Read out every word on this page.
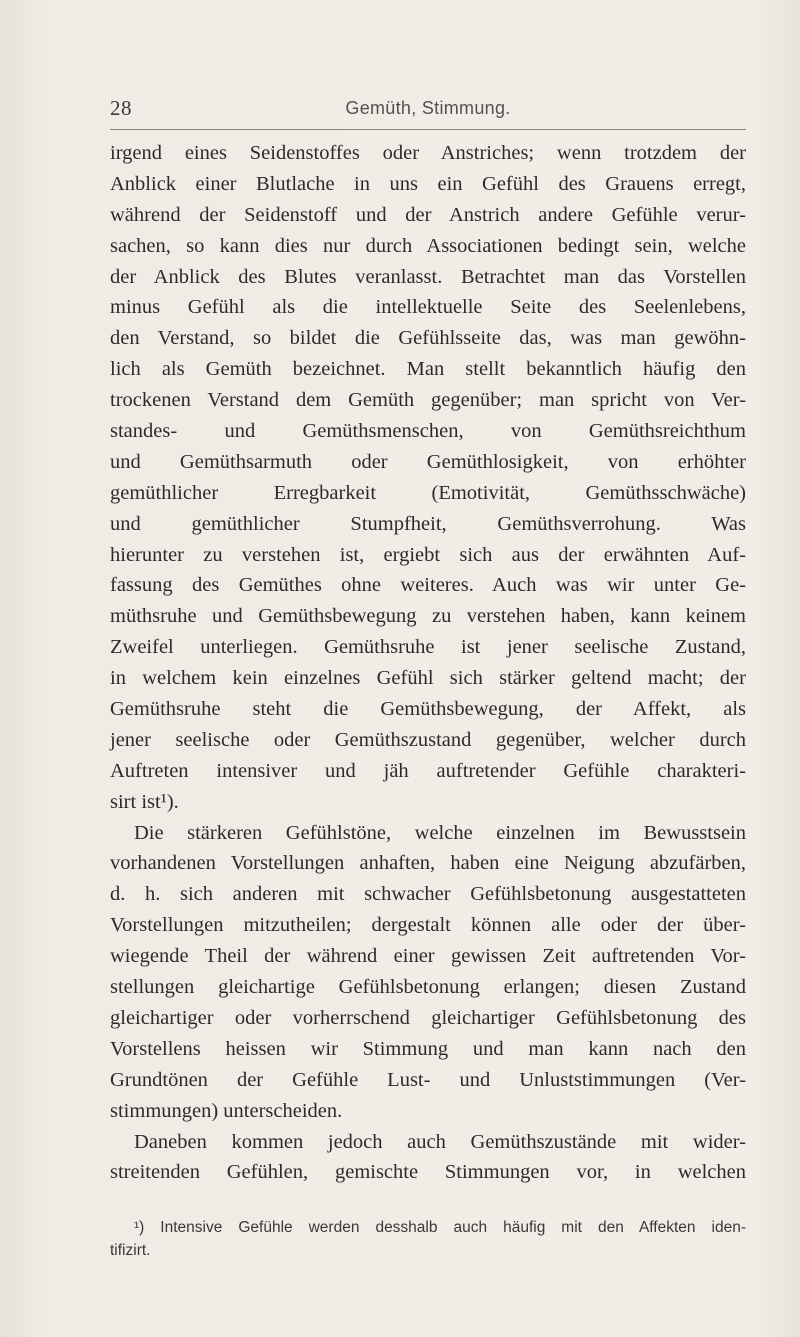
28	Gemüth, Stimmung.
irgend eines Seidenstoffes oder Anstriches; wenn trotzdem der
Anblick einer Blutlache in uns ein Gefühl des Grauens erregt,
während der Seidenstoff und der Anstrich andere Gefühle verur-
sachen, so kann dies nur durch Associationen bedingt sein, welche
der Anblick des Blutes veranlasst. Betrachtet man das Vorstellen
minus Gefühl als die intellektuelle Seite des Seelenlebens,
den Verstand, so bildet die Gefühlsseite das, was man gewöhn-
lich als Gemüth bezeichnet. Man stellt bekanntlich häufig den
trockenen Verstand dem Gemüth gegenüber; man spricht von Ver-
standes- und Gemüthsmenschen, von Gemüthsreichthum
und Gemüthsarmuth oder Gemüthlosigkeit, von erhöhter
gemüthlicher Erregbarkeit (Emotivität, Gemüthsschwäche)
und gemüthlicher Stumpfheit, Gemüthsverrohung. Was
hierunter zu verstehen ist, ergiebt sich aus der erwähnten Auf-
fassung des Gemüthes ohne weiteres. Auch was wir unter Ge-
müthsruhe und Gemüthsbewegung zu verstehen haben, kann keinem
Zweifel unterliegen. Gemüthsruhe ist jener seelische Zustand,
in welchem kein einzelnes Gefühl sich stärker geltend macht; der
Gemüthsruhe steht die Gemüthsbewegung, der Affekt, als
jener seelische oder Gemüthszustand gegenüber, welcher durch
Auftreten intensiver und jäh auftretender Gefühle charakteri-
sirt ist¹).
Die stärkeren Gefühlstöne, welche einzelnen im Bewusstsein
vorhandenen Vorstellungen anhaften, haben eine Neigung abzufärben,
d. h. sich anderen mit schwacher Gefühlsbetonung ausgestatteten
Vorstellungen mitzutheilen; dergestalt können alle oder der über-
wiegende Theil der während einer gewissen Zeit auftretenden Vor-
stellungen gleichartige Gefühlsbetonung erlangen; diesen Zustand
gleichartiger oder vorherrschend gleichartiger Gefühlsbetonung des
Vorstellens heissen wir Stimmung und man kann nach den
Grundtönen der Gefühle Lust- und Unluststimmungen (Ver-
stimmungen) unterscheiden.
Daneben kommen jedoch auch Gemüthszustände mit wider-
streitenden Gefühlen, gemischte Stimmungen vor, in welchen
¹) Intensive Gefühle werden desshalb auch häufig mit den Affekten iden-
tifizirt.
